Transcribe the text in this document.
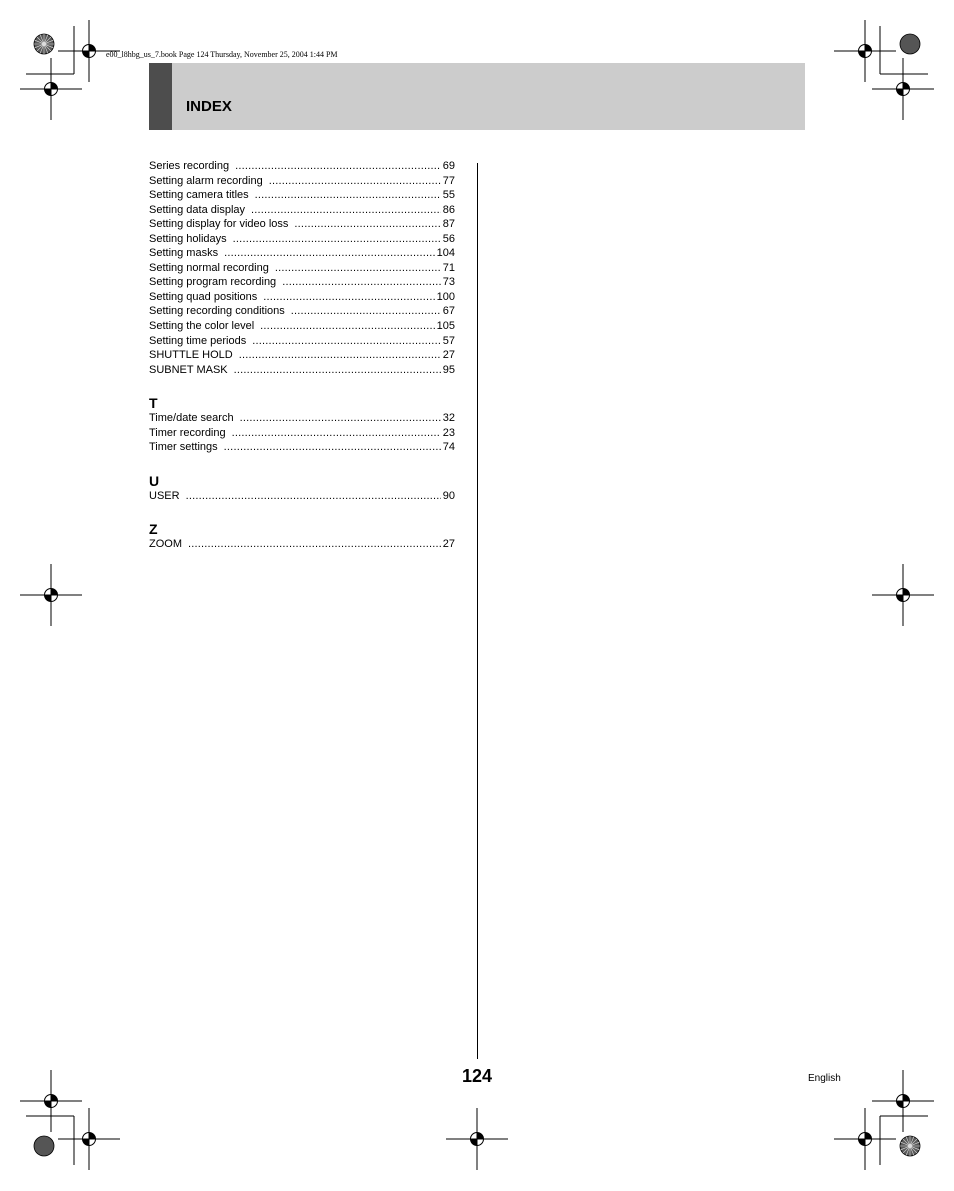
e00_l8hbg_us_7.book Page 124 Thursday, November 25, 2004 1:44 PM
INDEX
Series recording .....	69
Setting alarm recording .....	77
Setting camera titles .....	55
Setting data display .....	86
Setting display for video loss .....	87
Setting holidays .....	56
Setting masks .....	104
Setting normal recording .....	71
Setting program recording .....	73
Setting quad positions .....	100
Setting recording conditions .....	67
Setting the color level .....	105
Setting time periods .....	57
SHUTTLE HOLD .....	27
SUBNET MASK .....	95
T
Time/date search .....	32
Timer recording .....	23
Timer settings .....	74
U
USER .....	90
Z
ZOOM .....	27
124	English
